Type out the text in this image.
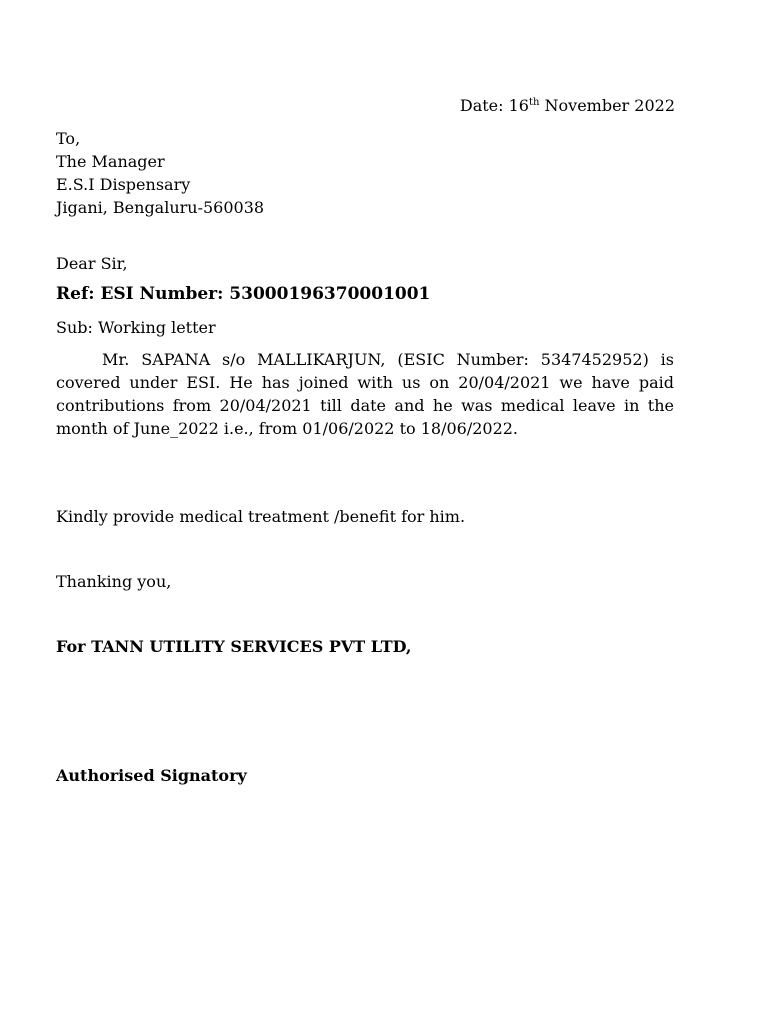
Date: 16th November 2022
To,
The Manager
E.S.I Dispensary
Jigani, Bengaluru-560038
Dear Sir,
Ref: ESI Number: 53000196370001001
Sub: Working letter
Mr. SAPANA s/o MALLIKARJUN, (ESIC Number: 5347452952) is covered under ESI. He has joined with us on 20/04/2021 we have paid contributions from 20/04/2021 till date and he was medical leave in the month of June_2022 i.e., from 01/06/2022 to 18/06/2022.
Kindly provide medical treatment /benefit for him.
Thanking you,
For TANN UTILITY SERVICES PVT LTD,
Authorised Signatory
